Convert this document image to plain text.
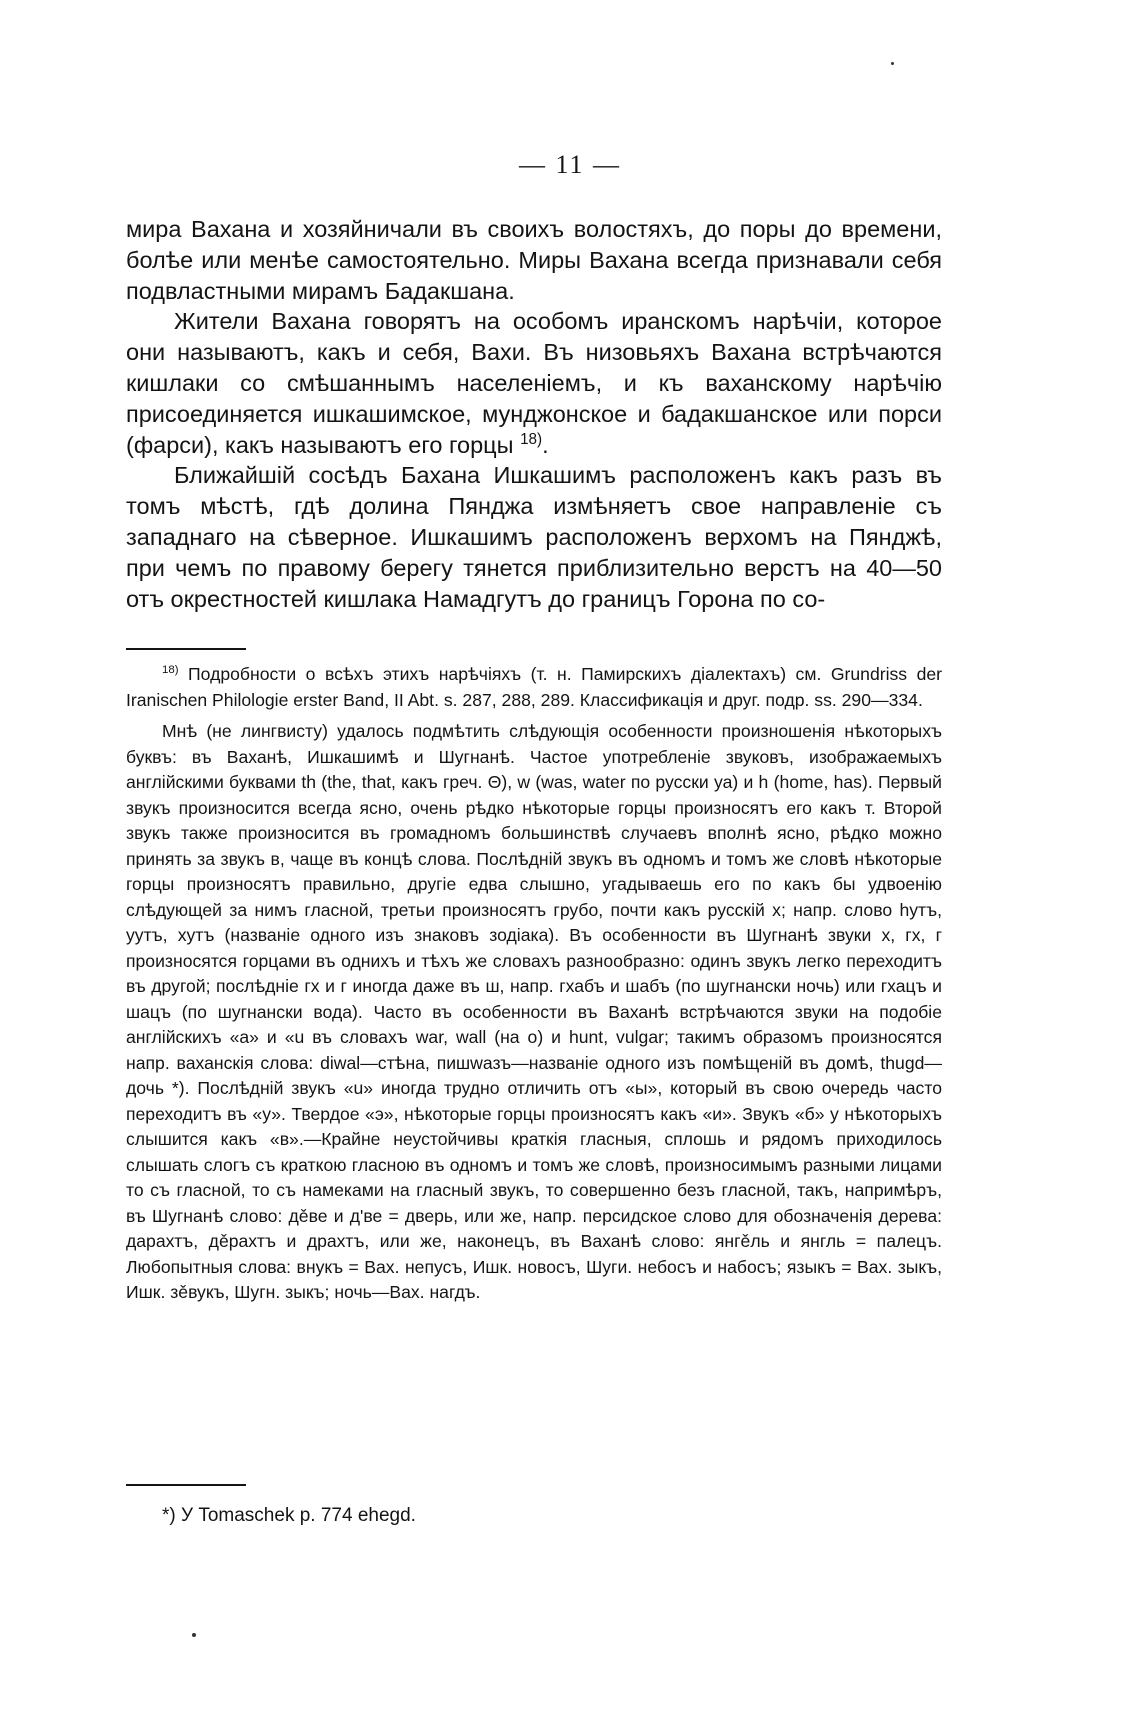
— 11 —

мира Вахана и хозяйничали въ своихъ волостяхъ, до поры до времени, болѣе или менѣе самостоятельно. Миры Вахана всегда признавали себя подвластными мирамъ Бадакшана.

Жители Вахана говорятъ на особомъ иранскомъ нарѣчіи, которое они называютъ, какъ и себя, Вахи. Въ низовьяхъ Вахана встрѣчаются кишлаки со смѣшаннымъ населеніемъ, и къ ваханскому нарѣчію присоединяется ишкашимское, мунджонское и бадакшанское или порси (фарси), какъ называютъ его горцы $^{18)}$.

Ближайшій сосѣдъ Бахана Ишкашимъ расположенъ какъ разъ въ томъ мѣстѣ, гдѣ долина Пянджа измѣняетъ свое направленіе съ западнаго на сѣверное. Ишкашимъ расположенъ верхомъ на Пянджѣ, при чемъ по правому берегу тянется приблизительно верстъ на 40—50 отъ окрестностей кишлака Намадгутъ до границъ Горона по со-

$^{18)}$ Подробности о всѣхъ этихъ нарѣчіяхъ (т. н. Памирскихъ діалектахъ) см. Grundriss der Iranischen Philologie erster Band, II Abt. s. 287, 288, 289. Классификація и друг. подр. ss. 290—334.

Мнѣ (не лингвисту) удалось подмѣтить слѣдующія особенности произношенія нѣкоторыхъ буквъ: въ Ваханѣ, Ишкашимѣ и Шугнанѣ. Частое употребленіе звуковъ, изображаемыхъ англійскими буквами th (the, that, какъ греч. Θ), w (was, water по русски уа) и h (home, has). Первый звукъ произносится всегда ясно, очень рѣдко нѣкоторые горцы произносятъ его какъ т. Второй звукъ также произносится въ громадномъ большинствѣ случаевъ вполнѣ ясно, рѣдко можно принять за звукъ в, чаще въ концѣ слова. Послѣдній звукъ въ одномъ и томъ же словѣ нѣкоторые горцы произносятъ правильно, другіе едва слышно, угадываешь его по какъ бы удвоенію слѣдующей за нимъ гласной, третьи произносятъ грубо, почти какъ русскій х; напр. слово hутъ, уутъ, хутъ (названіе одного изъ знаковъ зодіака). Въ особенности въ Шугнанѣ звуки х, гх, г произносятся горцами въ однихъ и тѣхъ же словахъ разнообразно: одинъ звукъ легко переходитъ въ другой; послѣдніе гх и г иногда даже въ ш, напр. гхабъ и шабъ (по шугнански ночь) или гхацъ и шацъ (по шугнански вода). Часто въ особенности въ Ваханѣ встрѣчаются звуки на подобіе англійскихъ «а» и «u въ словахъ war, wall (на о) и hunt, vulgar; такимъ образомъ произносятся напр. ваханскія слова: diwal—стѣна, пишwазъ—названіе одного изъ помѣщеній въ домѣ, thugd—дочь *). Послѣдній звукъ «u» иногда трудно отличить отъ «ы», который въ свою очередь часто переходитъ въ «у». Твердое «э», нѣкоторые горцы произносятъ какъ «и». Звукъ «б» у нѣкоторыхъ слышится какъ «в».—Крайне неустойчивы краткія гласныя, сплошь и рядомъ приходилось слышать слогъ съ краткою гласною въ одномъ и томъ же словѣ, произносимымъ разными лицами то съ гласной, то съ намеками на гласный звукъ, то совершенно безъ гласной, такъ, напримѣръ, въ Шугнанѣ слово: дěве и д'ве = дверь, или же, напр. персидское слово для обозначенія дерева: дарахтъ, дěрахтъ и драхтъ, или же, наконецъ, въ Ваханѣ слово: янгěль и янгль = палецъ. Любопытныя слова: внукъ = Вах. непусъ, Ишк. новосъ, Шуги. небосъ и набосъ; языкъ = Вах. зыкъ, Ишк. зěвукъ, Шугн. зыкъ; ночь—Вах. нагдъ.

*) У Tomaschek p. 774 ehegd.
